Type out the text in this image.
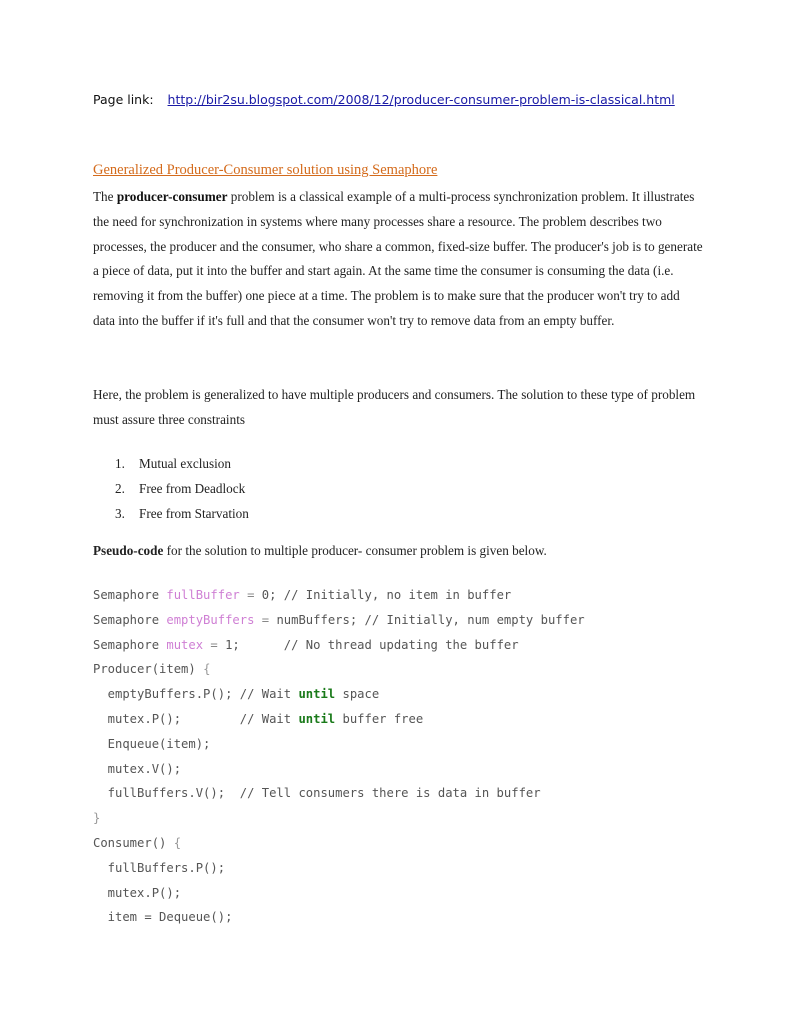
Page link: http://bir2su.blogspot.com/2008/12/producer-consumer-problem-is-classical.html
Generalized Producer-Consumer solution using Semaphore

The producer-consumer problem is a classical example of a multi-process synchronization problem. It illustrates the need for synchronization in systems where many processes share a resource. The problem describes two processes, the producer and the consumer, who share a common, fixed-size buffer. The producer's job is to generate a piece of data, put it into the buffer and start again. At the same time the consumer is consuming the data (i.e. removing it from the buffer) one piece at a time. The problem is to make sure that the producer won't try to add data into the buffer if it's full and that the consumer won't try to remove data from an empty buffer.

Here, the problem is generalized to have multiple producers and consumers. The solution to these type of problem must assure three constraints

1. Mutual exclusion
2. Free from Deadlock
3. Free from Starvation
Pseudo-code for the solution to multiple producer- consumer problem is given below.
Semaphore fullBuffer = 0; // Initially, no item in buffer
Semaphore emptyBuffers = numBuffers; // Initially, num empty buffer
Semaphore mutex = 1;      // No thread updating the buffer
Producer(item) {
emptyBuffers.P(); // Wait until space
mutex.P();        // Wait until buffer free
Enqueue(item);
mutex.V();
fullBuffers.V();  // Tell consumers there is data in buffer
}
Consumer() {
fullBuffers.P();
mutex.P();
item = Dequeue();
